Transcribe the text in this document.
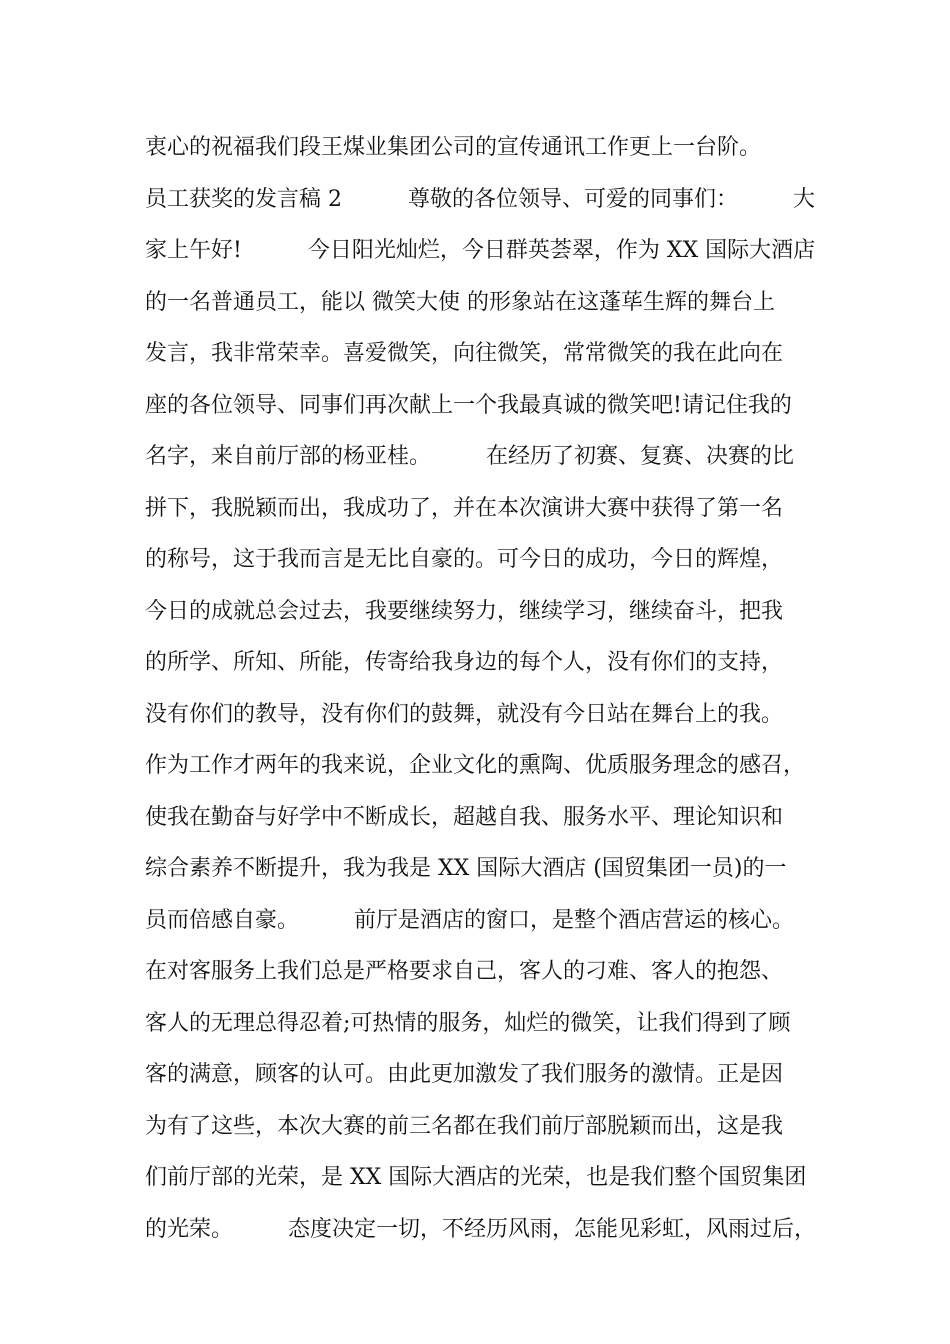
衷心的祝福我们段王煤业集团公司的宣传通讯工作更上一台阶。
员工获奖的发言稿 2　　　尊敬的各位领导、可爱的同事们：　　　大
家上午好!　　　今日阳光灿烂，今日群英荟翠，作为 XX 国际大酒店
的一名普通员工，能以 微笑大使 的形象站在这蓬荜生辉的舞台上
发言，我非常荣幸。喜爱微笑，向往微笑，常常微笑的我在此向在
座的各位领导、同事们再次献上一个我最真诚的微笑吧!请记住我的
名字，来自前厅部的杨亚桂。　　　在经历了初赛、复赛、决赛的比
拼下，我脱颖而出，我成功了，并在本次演讲大赛中获得了第一名
的称号，这于我而言是无比自豪的。可今日的成功，今日的辉煌，
今日的成就总会过去，我要继续努力，继续学习，继续奋斗，把我
的所学、所知、所能，传寄给我身边的每个人，没有你们的支持，
没有你们的教导，没有你们的鼓舞，就没有今日站在舞台上的我。
作为工作才两年的我来说，企业文化的熏陶、优质服务理念的感召，
使我在勤奋与好学中不断成长，超越自我、服务水平、理论知识和
综合素养不断提升，我为我是 XX 国际大酒店 (国贸集团一员)的一
员而倍感自豪。　　　前厅是酒店的窗口，是整个酒店营运的核心。
在对客服务上我们总是严格要求自己，客人的刁难、客人的抱怨、
客人的无理总得忍着;可热情的服务，灿烂的微笑，让我们得到了顾
客的满意，顾客的认可。由此更加激发了我们服务的激情。正是因
为有了这些，本次大赛的前三名都在我们前厅部脱颖而出，这是我
们前厅部的光荣，是 XX 国际大酒店的光荣，也是我们整个国贸集团
的光荣。　　　态度决定一切，不经历风雨，怎能见彩虹，风雨过后，
